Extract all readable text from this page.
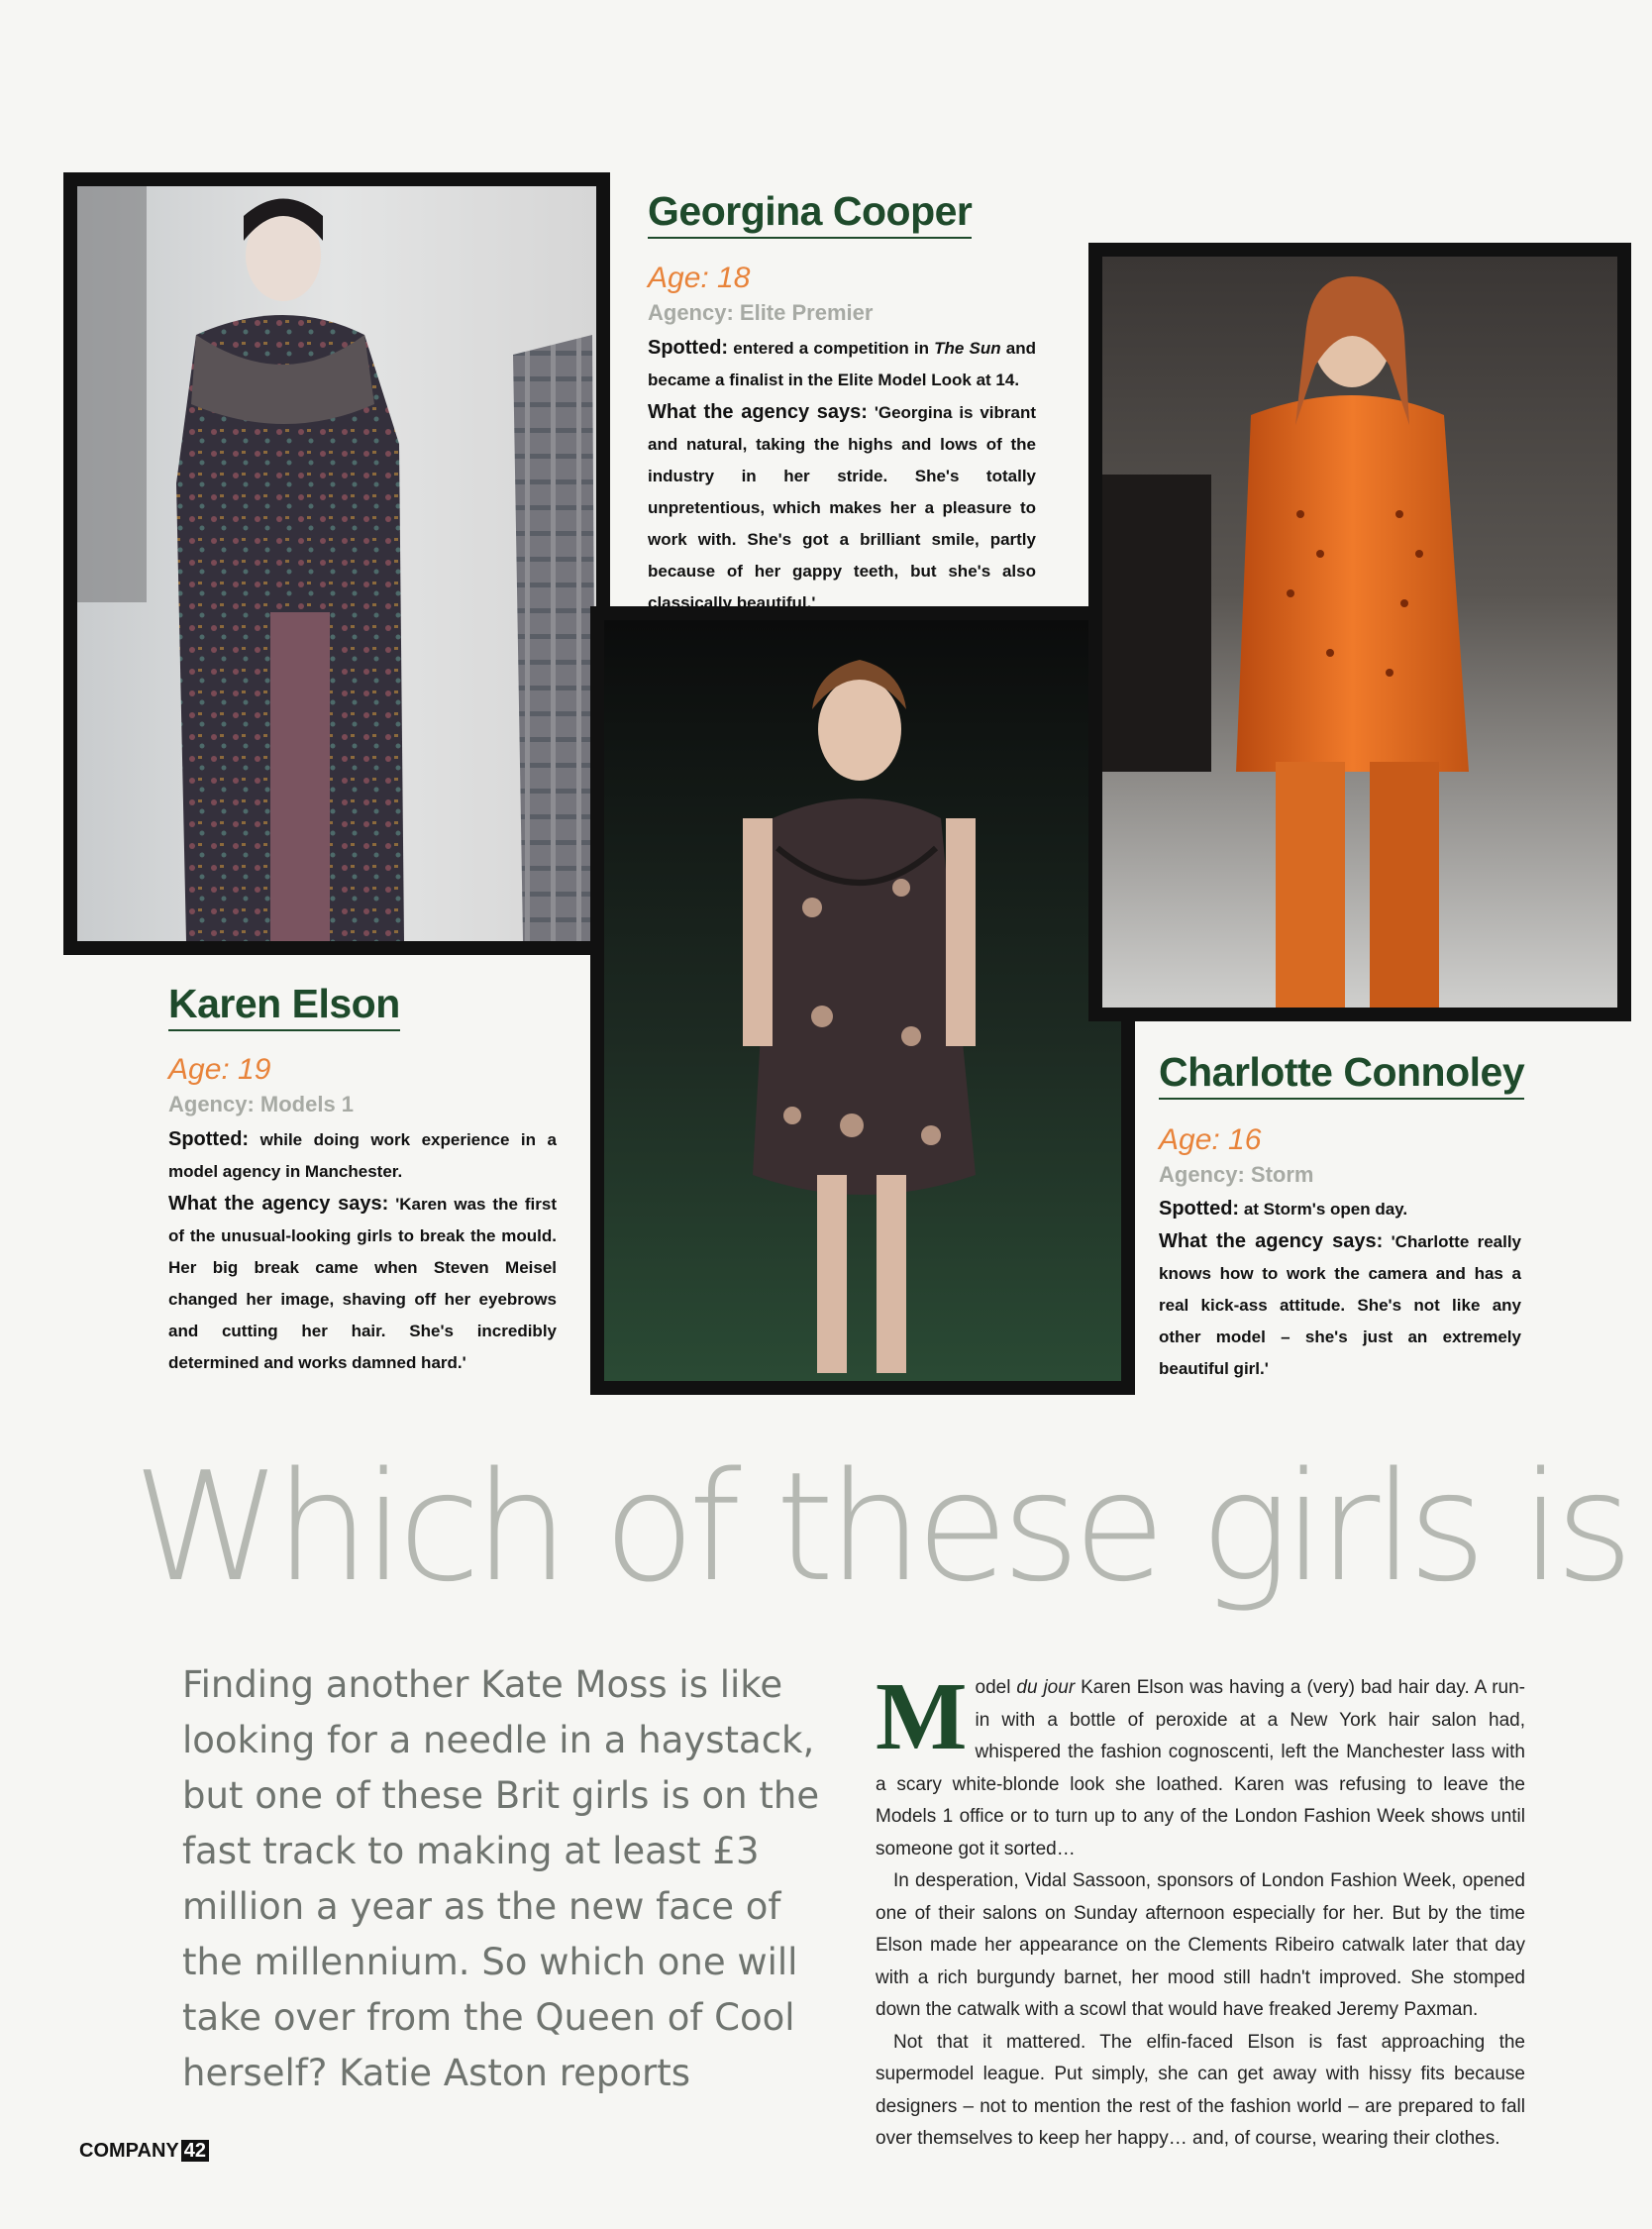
Georgina Cooper
Age: 18
Agency: Elite Premier

Spotted: entered a competition in The Sun and became a finalist in the Elite Model Look at 14.

What the agency says: 'Georgina is vibrant and natural, taking the highs and lows of the industry in her stride. She's totally unpretentious, which makes her a pleasure to work with. She's got a brilliant smile, partly because of her gappy teeth, but she's also classically beautiful.'

Karen Elson
Age: 19
Agency: Models 1

Spotted: while doing work experience in a model agency in Manchester.

What the agency says: 'Karen was the first of the unusual-looking girls to break the mould. Her big break came when Steven Meisel changed her image, shaving off her eyebrows and cutting her hair. She's incredibly determined and works damned hard.'

Charlotte Connoley
Age: 16
Agency: Storm

Spotted: at Storm's open day.

What the agency says: 'Charlotte really knows how to work the camera and has a real kick-ass attitude. She's not like any other model – she's just an extremely beautiful girl.'

Which of these girls is

Finding another Kate Moss is like looking for a needle in a haystack, but one of these Brit girls is on the fast track to making at least £3 million a year as the new face of the millennium. So which one will take over from the Queen of Cool herself? Katie Aston reports

Model du jour Karen Elson was having a (very) bad hair day. A run-in with a bottle of peroxide at a New York hair salon had, whispered the fashion cognoscenti, left the Manchester lass with a scary white-blonde look she loathed. Karen was refusing to leave the Models 1 office or to turn up to any of the London Fashion Week shows until someone got it sorted…

In desperation, Vidal Sassoon, sponsors of London Fashion Week, opened one of their salons on Sunday afternoon especially for her. But by the time Elson made her appearance on the Clements Ribeiro catwalk later that day with a rich burgundy barnet, her mood still hadn't improved. She stomped down the catwalk with a scowl that would have freaked Jeremy Paxman.

Not that it mattered. The elfin-faced Elson is fast approaching the supermodel league. Put simply, she can get away with hissy fits because designers – not to mention the rest of the fashion world – are prepared to fall over themselves to keep her happy… and, of course, wearing their clothes.

COMPANY 42
